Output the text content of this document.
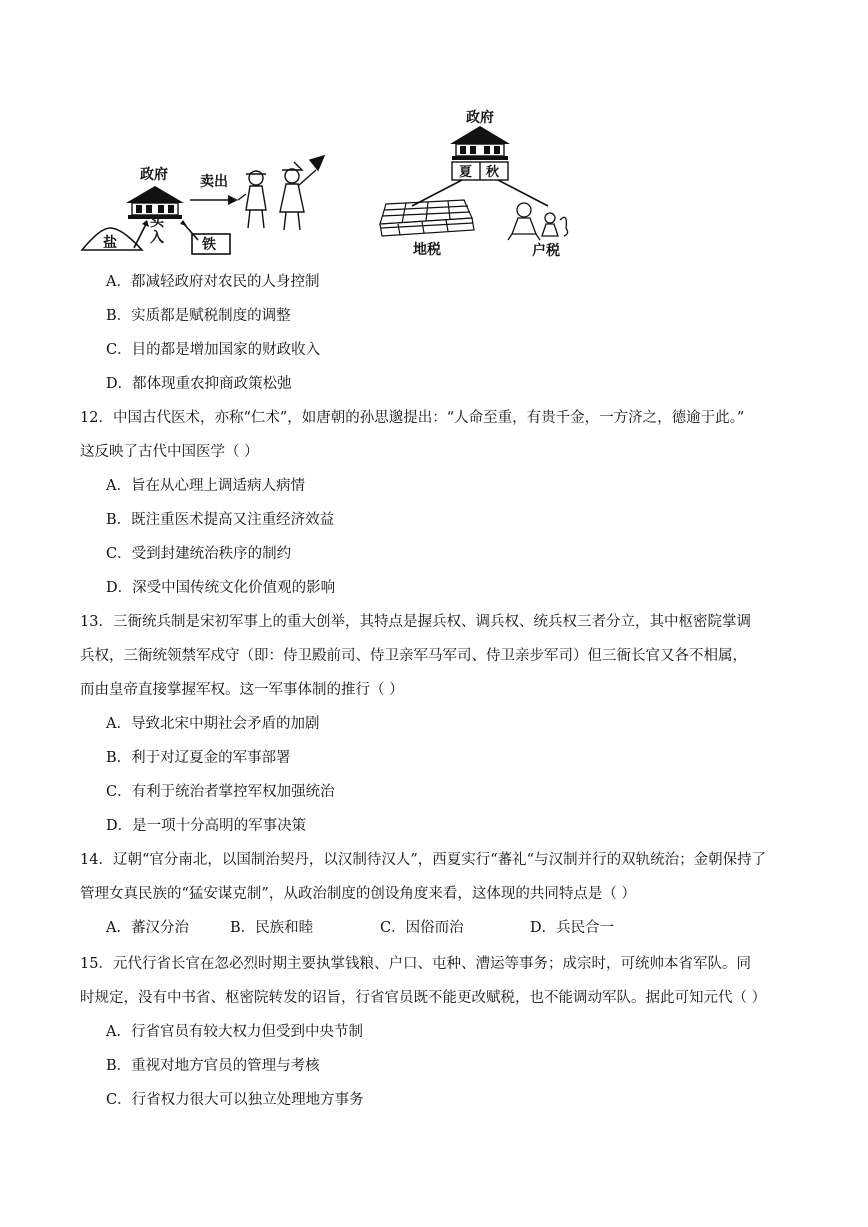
盐
政府
买
入	铁
卖出
政府
夏 秋
地税	户税
A．都减轻政府对农民的人身控制
B．实质都是赋税制度的调整
C．目的都是增加国家的财政收入
D．都体现重农抑商政策松弛
12．中国古代医术，亦称“仁术”，如唐朝的孙思邈提出：“人命至重，有贵千金，一方济之，德逾于此。”
这反映了古代中国医学（ ）
A．旨在从心理上调适病人病情
B．既注重医术提高又注重经济效益
C．受到封建统治秩序的制约
D．深受中国传统文化价值观的影响
13．三衙统兵制是宋初军事上的重大创举，其特点是握兵权、调兵权、统兵权三者分立，其中枢密院掌调
兵权，三衙统领禁军戍守（即：侍卫殿前司、侍卫亲军马军司、侍卫亲步军司）但三衙长官又各不相属，
而由皇帝直接掌握军权。这一军事体制的推行（ ）
A．导致北宋中期社会矛盾的加剧
B．利于对辽夏金的军事部署
C．有利于统治者掌控军权加强统治
D．是一项十分高明的军事决策
14．辽朝“官分南北，以国制治契丹，以汉制待汉人”，西夏实行“蕃礼“与汉制并行的双轨统治；金朝保持了
管理女真民族的“猛安谋克制”，从政治制度的创设角度来看，这体现的共同特点是（ ）
A．蕃汉分治	B．民族和睦	C．因俗而治	D．兵民合一
15．元代行省长官在忽必烈时期主要执掌钱粮、户口、屯种、漕运等事务；成宗时，可统帅本省军队。同
时规定，没有中书省、枢密院转发的诏旨，行省官员既不能更改赋税，也不能调动军队。据此可知元代（ ）
A．行省官员有较大权力但受到中央节制
B．重视对地方官员的管理与考核
C．行省权力很大可以独立处理地方事务
